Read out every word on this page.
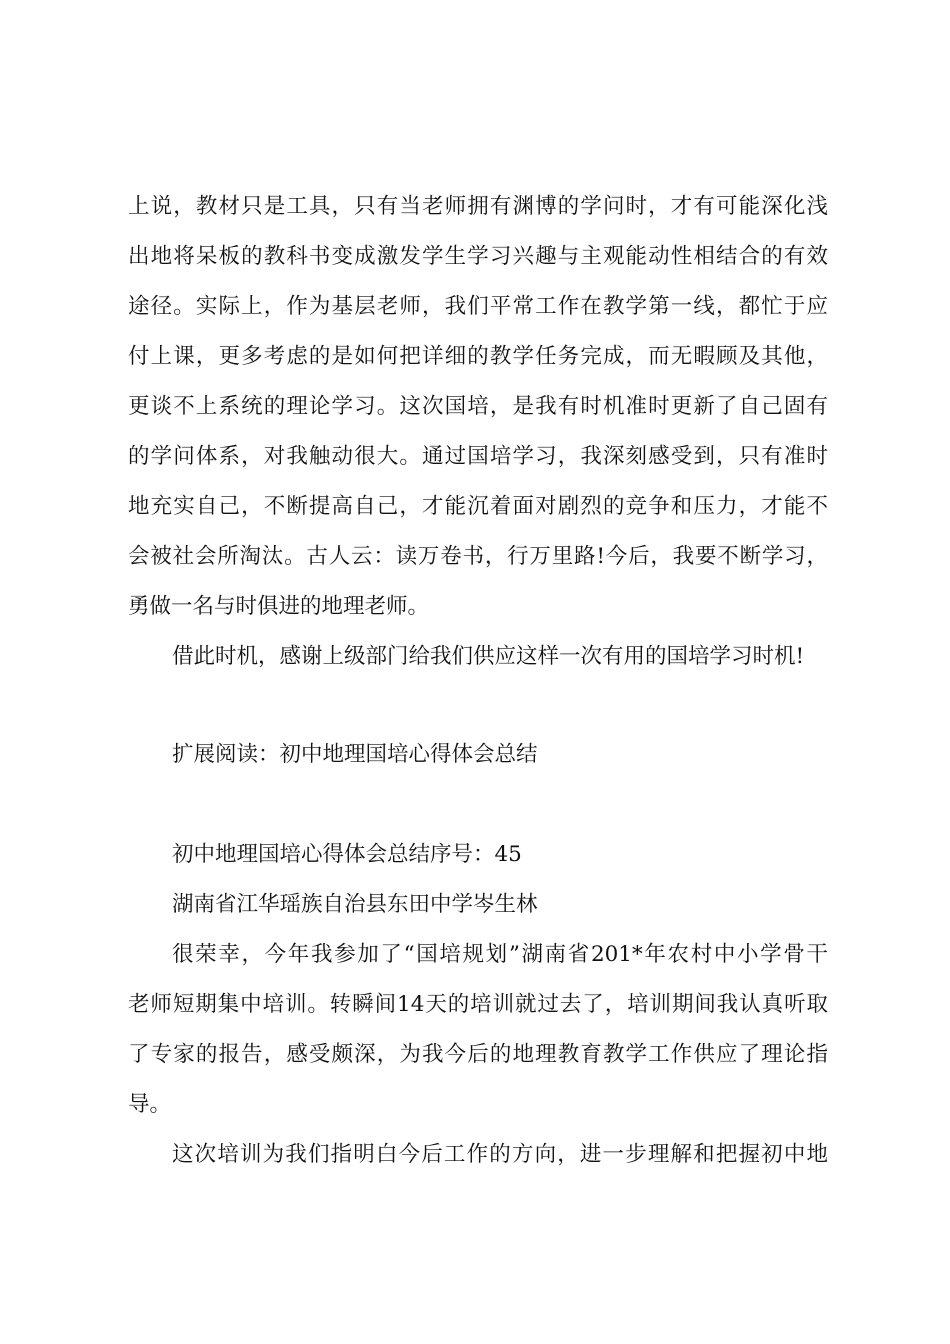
上说，教材只是工具，只有当老师拥有渊博的学问时，才有可能深化浅
出地将呆板的教科书变成激发学生学习兴趣与主观能动性相结合的有效
途径。实际上，作为基层老师，我们平常工作在教学第一线，都忙于应
付上课，更多考虑的是如何把详细的教学任务完成，而无暇顾及其他，
更谈不上系统的理论学习。这次国培，是我有时机准时更新了自己固有
的学问体系，对我触动很大。通过国培学习，我深刻感受到，只有准时
地充实自己，不断提高自己，才能沉着面对剧烈的竞争和压力，才能不
会被社会所淘汰。古人云：读万卷书，行万里路!今后，我要不断学习，
勇做一名与时俱进的地理老师。
借此时机，感谢上级部门给我们供应这样一次有用的国培学习时机!
扩展阅读：初中地理国培心得体会总结
初中地理国培心得体会总结序号：45
湖南省江华瑶族自治县东田中学岑生林
很荣幸，今年我参加了“国培规划”湖南省201*年农村中小学骨干
老师短期集中培训。转瞬间14天的培训就过去了，培训期间我认真听取
了专家的报告，感受颇深，为我今后的地理教育教学工作供应了理论指
导。
这次培训为我们指明白今后工作的方向，进一步理解和把握初中地
